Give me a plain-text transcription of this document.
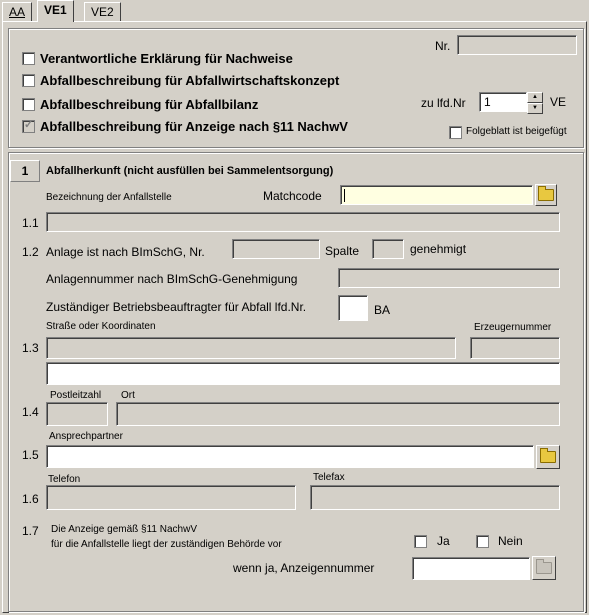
AA	VE1	VE2
Verantwortliche Erklärung für Nachweise
Abfallbeschreibung für Abfallwirtschaftskonzept
Abfallbeschreibung für Abfallbilanz
✓
Abfallbeschreibung für Anzeige nach §11 NachwV
Nr.
zu lfd.Nr 1	▲
▼	VE
Folgeblatt ist beigefügt
1	Abfallherkunft (nicht ausfüllen bei Sammelentsorgung)
Bezeichnung der Anfallstelle	Matchcode
1.1
1.2 Anlage ist nach BImSchG, Nr.	Spalte	genehmigt
Anlagennummer nach BImSchG-Genehmigung
Zuständiger Betriebsbeauftragter für Abfall lfd.Nr.	BA
Straße oder Koordinaten	Erzeugernummer
1.3
Postleitzahl Ort
1.4
Ansprechpartner
1.5
Telefon	Telefax
1.6
1.7 Die Anzeige gemäß §11 NachwV
für die Anfallstelle liegt der zuständigen Behörde vor	Ja	Nein
wenn ja, Anzeigennummer
